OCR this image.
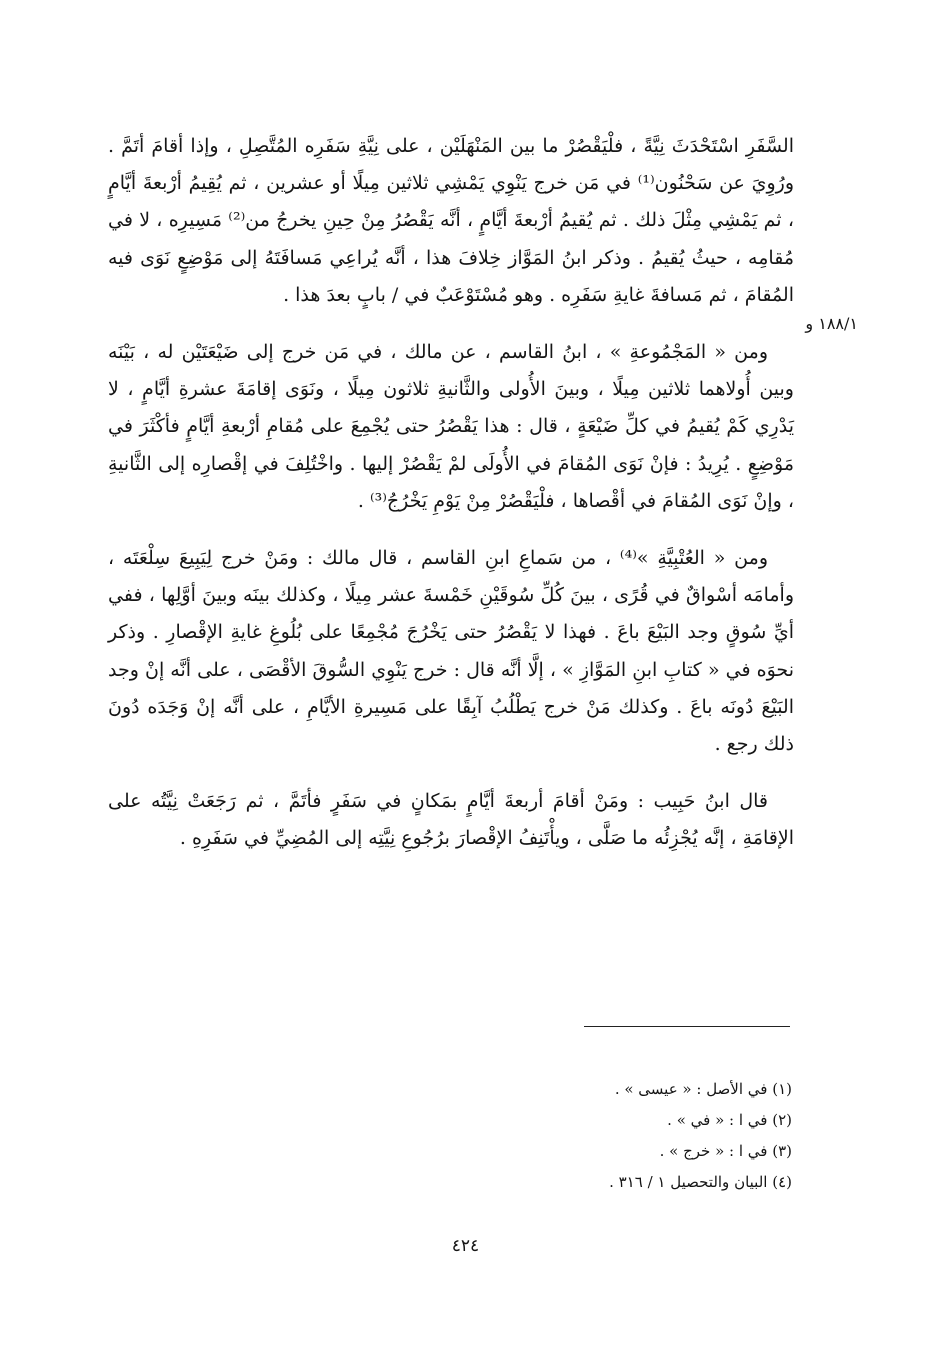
السَّفَرِ اسْتَحْدَثَ نِيَّةً ، فلْيَقْصُرْ ما بين المَنْهَلَيْن ، على نِيَّةِ سَفَرِه المُتَّصِلِ ، وإذا أقامَ أتَمَّ . ورُوِيَ عن سَحْنُون⁽¹⁾ في مَن خرج يَنْوِي يَمْشِي ثلاثين مِيلًا أو عشرين ، ثم يُقِيمُ أرْبعةَ أيَّامٍ ، ثم يَمْشِي مِثْلَ ذلك . ثم يُقيمُ أرْبعةَ أيَّامٍ ، أنَّه يَقْصُرُ مِنْ حِينِ يخرجُ من⁽²⁾ مَسِيرِه ، لا في مُقامِه ، حيثُ يُقيمُ . وذكر ابنُ المَوَّاز خِلافَ هذا ، أنَّه يُراعِي مَسافَتَهُ إلى مَوْضِعٍ نَوَى فيه المُقامَ ، ثم مَسافةَ غايةِ سَفَرِه . وهو مُسْتَوْعَبٌ في / بابٍ بعدَ هذا .

ومن « المَجْمُوعةِ » ، ابنُ القاسم ، عن مالك ، في مَن خرج إلى ضَيْعَتَيْن له ، بَيْنَه وبين أُولاهما ثلاثين مِيلًا ، وبينَ الأُولى والثَّانيةِ ثلاثون مِيلًا ، ونَوَى إقامَةَ عشرةِ أيَّامٍ ، لا يَدْرِي كَمْ يُقيمُ في كلِّ ضَيْعَةٍ ، قال : هذا يَقْصُرُ حتى يُجْمِعَ على مُقامِ أرْبعةِ أيَّامٍ فأكْثَرَ في مَوْضِعٍ . يُرِيدُ : فإنْ نَوَى المُقامَ في الأُولَى لمْ يَقْصُرْ إليها . واخْتُلِفَ في إقْصارِه إلى الثَّانيةِ ، وإنْ نَوَى المُقامَ في أقْصاها ، فلْيَقْصُرْ مِنْ يَوْمِ يَخْرُجُ⁽³⁾ .

ومن « العُتْبِيَّةِ »⁽⁴⁾ ، من سَماعِ ابنِ القاسم ، قال مالك : ومَنْ خرج لِيَبِيعَ سِلْعَتَه ، وأمامَه أسْواقٌ في قُرًى ، بينَ كُلِّ سُوقَيْنِ خَمْسةَ عشر مِيلًا ، وكذلك بينَه وبينَ أوَّلِها ، ففي أيِّ سُوقٍ وجد البَيْعَ باعَ . فهذا لا يَقْصُرُ حتى يَخْرُجَ مُجْمِعًا على بُلُوغِ غايةِ الإقْصارِ . وذكر نحوَه في « كتابِ ابنِ المَوَّازِ » ، إلَّا أنَّه قال : خرج يَنْوِي السُّوقَ الأقْصَى ، على أنَّه إنْ وجد البَيْعَ دُونَه باعَ . وكذلك مَنْ خرج يَطْلُبُ آبِقًا على مَسِيرةِ الأيَّامِ ، على أنَّه إنْ وَجَدَه دُونَ ذلك رجع .

قال ابنُ حَبِيب : ومَنْ أقامَ أربعةَ أيَّامٍ بمَكانٍ في سَفَرٍ فأتَمَّ ، ثم رَجَعَتْ نِيَّتُه على الإقامَةِ ، إنَّه يُجْزِئُه ما صَلَّى ، ويأْتَنِفُ الإقْصارَ برُجُوعِ نِيَّتِه إلى المُضِيِّ في سَفَرِهِ .

١٨٨/١ و
(١) في الأصل : « عيسى » .
(٢) في ا : « في » .
(٣) في ا : « خرج » .
(٤) البيان والتحصيل ١ / ٣١٦ .
٤٢٤
